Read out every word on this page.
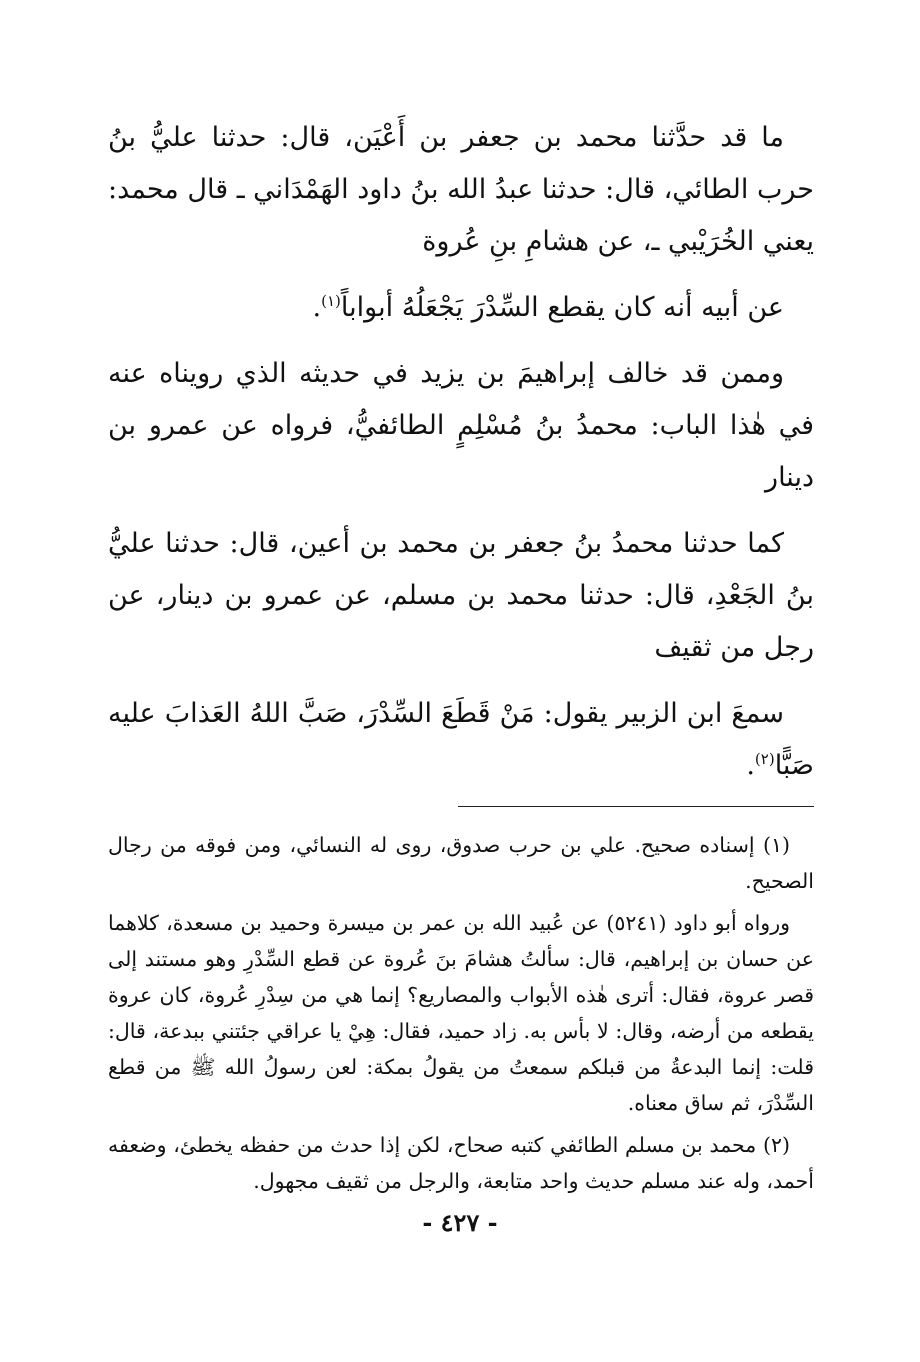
ما قد حدَّثنا محمد بن جعفر بن أَعْيَن، قال: حدثنا عليُّ بنُ حرب الطائي، قال: حدثنا عبدُ الله بنُ داود الهَمْدَاني ـ قال محمد: يعني الخُرَيْبي ـ، عن هشامِ بنِ عُروة

عن أبيه أنه كان يقطع السِّدْرَ يَجْعَلُهُ أبواباً$^{(١)}$.

وممن قد خالف إبراهيمَ بن يزيد في حديثه الذي رويناه عنه في هٰذا الباب: محمدُ بنُ مُسْلِمٍ الطائفيُّ، فرواه عن عمرو بن دينار

كما حدثنا محمدُ بنُ جعفر بن محمد بن أعين، قال: حدثنا عليُّ بنُ الجَعْدِ، قال: حدثنا محمد بن مسلم، عن عمرو بن دينار، عن رجل من ثقيف

سمعَ ابن الزبير يقول: مَنْ قَطَعَ السِّدْرَ، صَبَّ اللهُ العَذابَ عليه صَبًّا$^{(٢)}$.

(١) إسناده صحيح. علي بن حرب صدوق، روى له النسائي، ومن فوقه من رجال الصحيح.

ورواه أبو داود (٥٢٤١) عن عُبيد الله بن عمر بن ميسرة وحميد بن مسعدة، كلاهما عن حسان بن إبراهيم، قال: سألتُ هشامَ بنَ عُروة عن قطع السِّدْرِ وهو مستند إلى قصر عروة، فقال: أترى هٰذه الأبواب والمصاريع؟ إنما هي من سِدْرِ عُروة، كان عروة يقطعه من أرضه، وقال: لا بأس به. زاد حميد، فقال: هِيْ يا عراقي جئتني ببدعة، قال: قلت: إنما البدعةُ من قبلكم سمعتُ من يقولُ بمكة: لعن رسولُ الله ﷺ من قطع السِّدْرَ، ثم ساق معناه.

(٢) محمد بن مسلم الطائفي كتبه صحاح، لكن إذا حدث من حفظه يخطئ، وضعفه أحمد، وله عند مسلم حديث واحد متابعة، والرجل من ثقيف مجهول.

- ٤٢٧ -
